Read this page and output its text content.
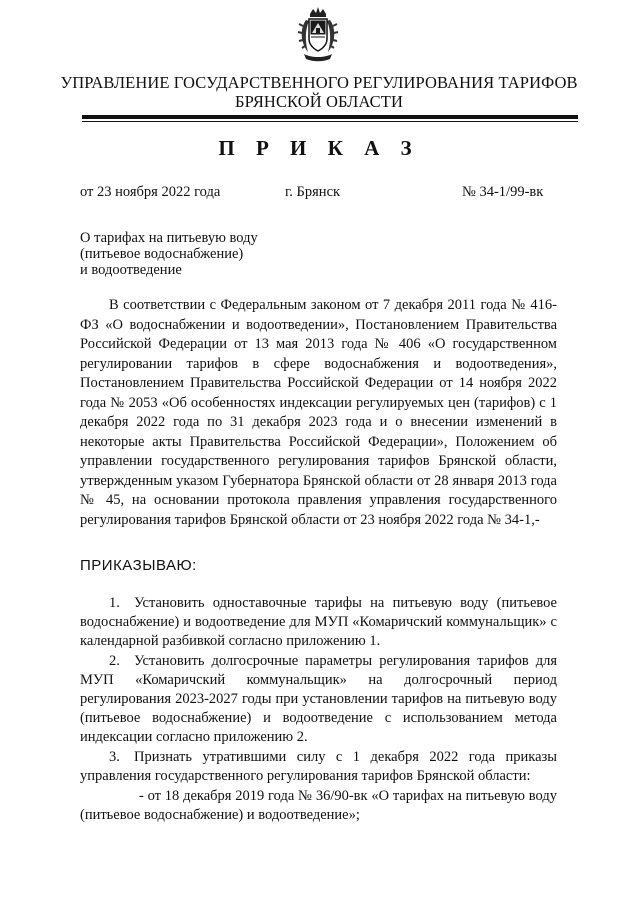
УПРАВЛЕНИЕ ГОСУДАРСТВЕННОГО РЕГУЛИРОВАНИЯ ТАРИФОВ
БРЯНСКОЙ ОБЛАСТИ
П Р И К А З
от 23 ноября 2022 года	г. Брянск	№ 34-1/99-вк
О тарифах на питьевую воду
(питьевое водоснабжение)
и водоотведение
В соответствии с Федеральным законом от 7 декабря 2011 года № 416-ФЗ «О водоснабжении и водоотведении», Постановлением Правительства Российской Федерации от 13 мая 2013 года № 406 «О государственном регулировании тарифов в сфере водоснабжения и водоотведения», Постановлением Правительства Российской Федерации от 14 ноября 2022 года № 2053 «Об особенностях индексации регулируемых цен (тарифов) с 1 декабря 2022 года по 31 декабря 2023 года и о внесении изменений в некоторые акты Правительства Российской Федерации», Положением об управлении государственного регулирования тарифов Брянской области, утвержденным указом Губернатора Брянской области от 28 января 2013 года № 45, на основании протокола правления управления государственного регулирования тарифов Брянской области от 23 ноября 2022 года № 34-1,-
ПРИКАЗЫВАЮ:
1. Установить одноставочные тарифы на питьевую воду (питьевое водоснабжение) и водоотведение для МУП «Комаричский коммунальщик» с календарной разбивкой согласно приложению 1.
2. Установить долгосрочные параметры регулирования тарифов для МУП «Комаричский коммунальщик» на долгосрочный период регулирования 2023-2027 годы при установлении тарифов на питьевую воду (питьевое водоснабжение) и водоотведение с использованием метода индексации согласно приложению 2.
3. Признать утратившими силу с 1 декабря 2022 года приказы управления государственного регулирования тарифов Брянской области:
- от 18 декабря 2019 года № 36/90-вк «О тарифах на питьевую воду (питьевое водоснабжение) и водоотведение»;
